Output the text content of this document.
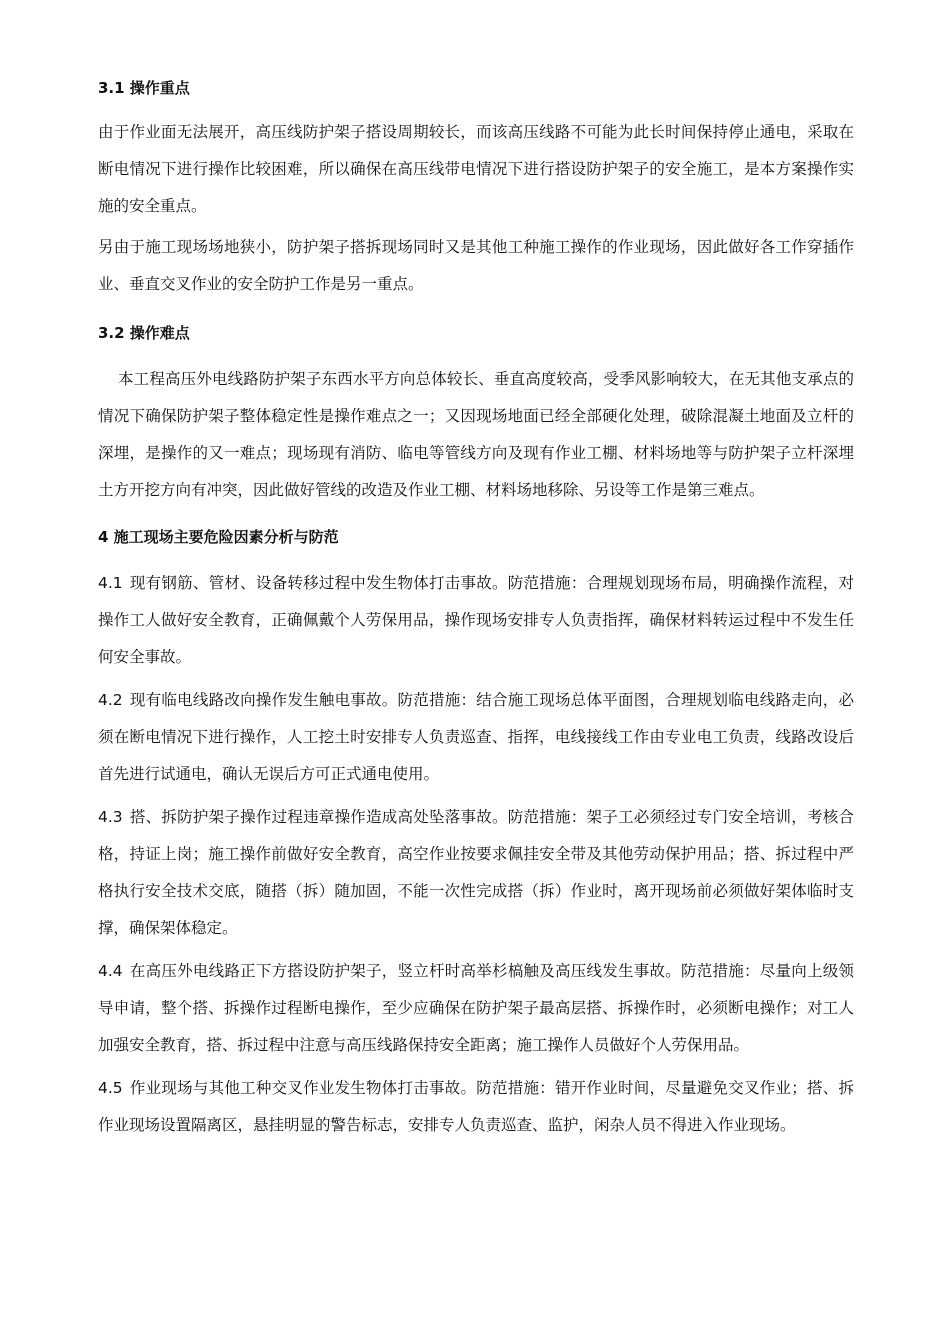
3.1 操作重点

由于作业面无法展开，高压线防护架子搭设周期较长，而该高压线路不可能为此长时间保持停止通电，采取在断电情况下进行操作比较困难，所以确保在高压线带电情况下进行搭设防护架子的安全施工，是本方案操作实施的安全重点。

另由于施工现场场地狭小，防护架子搭拆现场同时又是其他工种施工操作的作业现场，因此做好各工作穿插作业、垂直交叉作业的安全防护工作是另一重点。

3.2 操作难点

本工程高压外电线路防护架子东西水平方向总体较长、垂直高度较高，受季风影响较大，在无其他支承点的情况下确保防护架子整体稳定性是操作难点之一；又因现场地面已经全部硬化处理，破除混凝土地面及立杆的深埋，是操作的又一难点；现场现有消防、临电等管线方向及现有作业工棚、材料场地等与防护架子立杆深埋土方开挖方向有冲突，因此做好管线的改造及作业工棚、材料场地移除、另设等工作是第三难点。

4 施工现场主要危险因素分析与防范

4.1 现有钢筋、管材、设备转移过程中发生物体打击事故。防范措施：合理规划现场布局，明确操作流程，对操作工人做好安全教育，正确佩戴个人劳保用品，操作现场安排专人负责指挥，确保材料转运过程中不发生任何安全事故。

4.2 现有临电线路改向操作发生触电事故。防范措施：结合施工现场总体平面图，合理规划临电线路走向，必须在断电情况下进行操作，人工挖土时安排专人负责巡查、指挥，电线接线工作由专业电工负责，线路改设后首先进行试通电，确认无误后方可正式通电使用。

4.3 搭、拆防护架子操作过程违章操作造成高处坠落事故。防范措施：架子工必须经过专门安全培训，考核合格，持证上岗；施工操作前做好安全教育，高空作业按要求佩挂安全带及其他劳动保护用品；搭、拆过程中严格执行安全技术交底，随搭（拆）随加固，不能一次性完成搭（拆）作业时，离开现场前必须做好架体临时支撑，确保架体稳定。

4.4 在高压外电线路正下方搭设防护架子，竖立杆时高举杉槁触及高压线发生事故。防范措施：尽量向上级领导申请，整个搭、拆操作过程断电操作，至少应确保在防护架子最高层搭、拆操作时，必须断电操作；对工人加强安全教育，搭、拆过程中注意与高压线路保持安全距离；施工操作人员做好个人劳保用品。

4.5 作业现场与其他工种交叉作业发生物体打击事故。防范措施：错开作业时间，尽量避免交叉作业；搭、拆作业现场设置隔离区，悬挂明显的警告标志，安排专人负责巡查、监护，闲杂人员不得进入作业现场。
